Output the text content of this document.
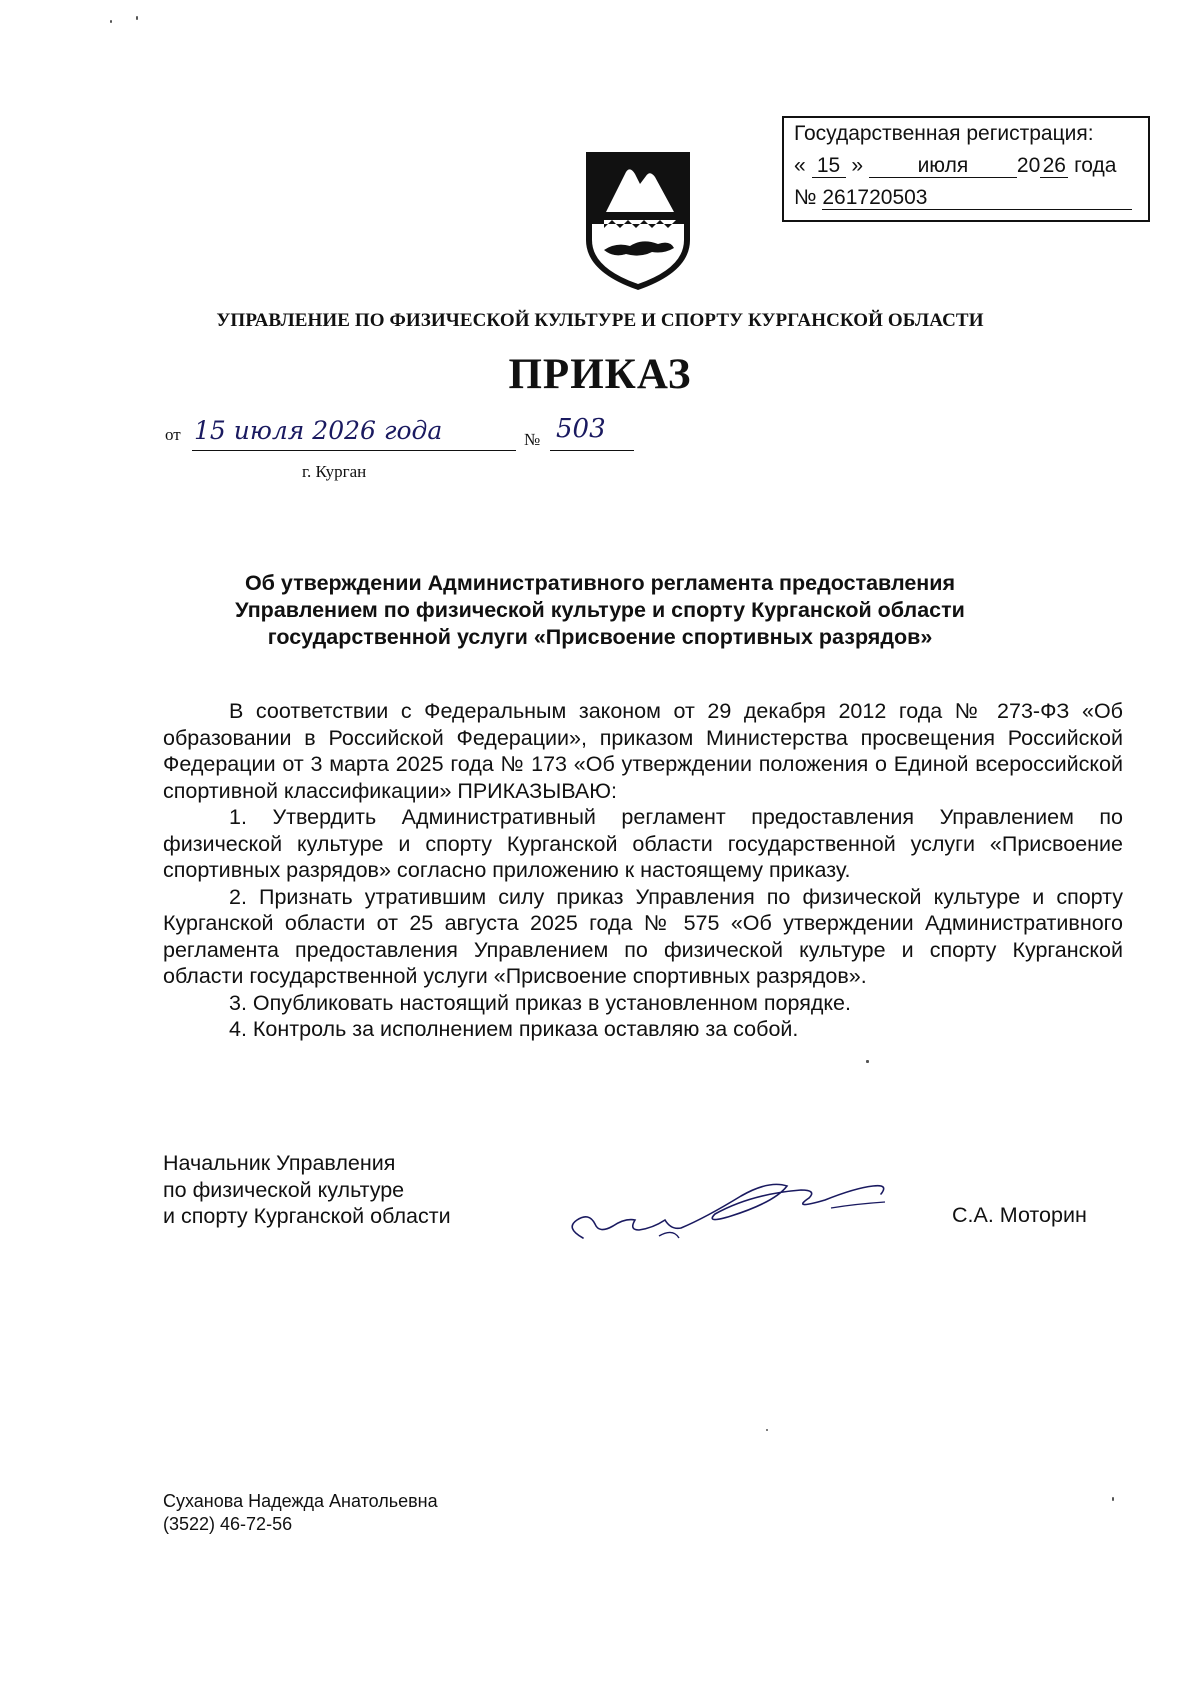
Государственная регистрация:
« 15 »	июля 20 26 года
№ 261720503
УПРАВЛЕНИЕ ПО ФИЗИЧЕСКОЙ КУЛЬТУРЕ И СПОРТУ КУРГАНСКОЙ ОБЛАСТИ
ПРИКАЗ
от 15 июля 2026 года	№ 503
г. Курган
Об утверждении Административного регламента предоставления
Управлением по физической культуре и спорту Курганской области
государственной услуги «Присвоение спортивных разрядов»

В соответствии с Федеральным законом от 29 декабря 2012 года № 273-ФЗ «Об образовании в Российской Федерации», приказом Министерства просвещения Российской Федерации от 3 марта 2025 года № 173 «Об утверждении положения о Единой всероссийской спортивной классификации» ПРИКАЗЫВАЮ:

1. Утвердить Административный регламент предоставления Управлением по физической культуре и спорту Курганской области государственной услуги «Присвоение спортивных разрядов» согласно приложению к настоящему приказу.

2. Признать утратившим силу приказ Управления по физической культуре и спорту Курганской области от 25 августа 2025 года № 575 «Об утверждении Административного регламента предоставления Управлением по физической культуре и спорту Курганской области государственной услуги «Присвоение спортивных разрядов».

3. Опубликовать настоящий приказ в установленном порядке.

4. Контроль за исполнением приказа оставляю за собой.

Начальник Управления
по физической культуре
и спорту Курганской области	С.А. Моторин
Суханова Надежда Анатольевна
(3522) 46-72-56
